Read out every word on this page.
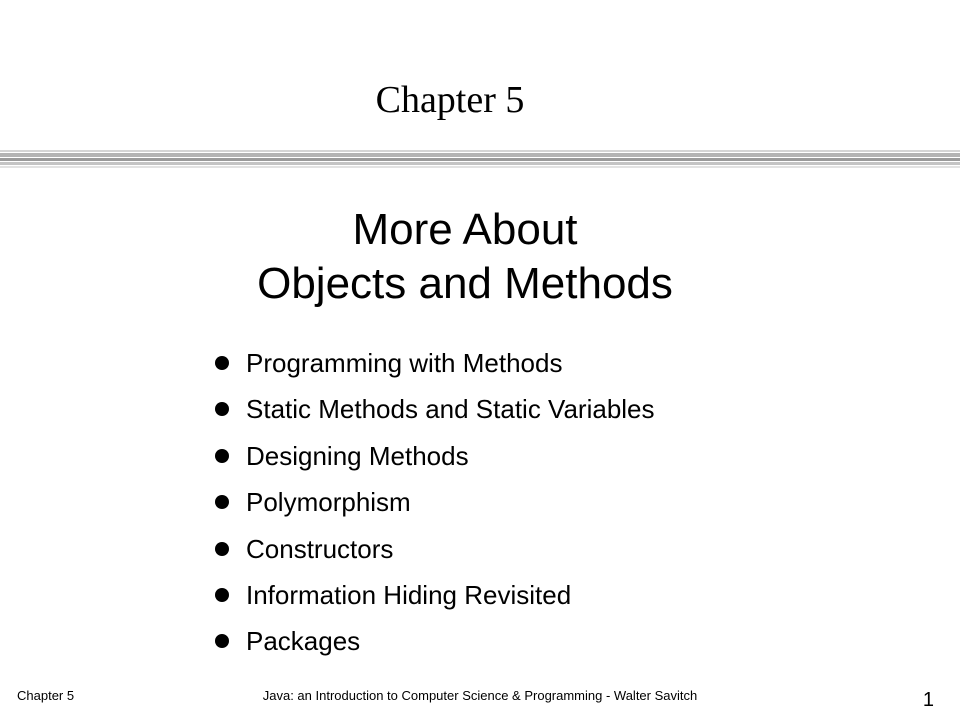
Chapter 5
More About
Objects and Methods
Programming with Methods
Static Methods and Static Variables
Designing Methods
Polymorphism
Constructors
Information Hiding Revisited
Packages
Chapter 5	Java: an Introduction to Computer Science & Programming - Walter Savitch	1
